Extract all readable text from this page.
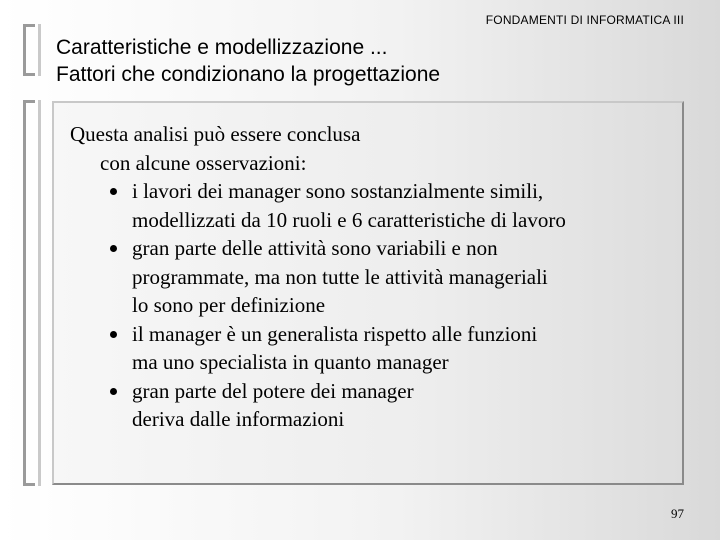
FONDAMENTI DI INFORMATICA III
Caratteristiche e modellizzazione ...
Fattori che condizionano la progettazione
Questa analisi può essere conclusa
con alcune osservazioni:
i lavori dei manager sono sostanzialmente simili,
modellizzati da 10 ruoli e 6 caratteristiche di lavoro
gran parte delle attività sono variabili e non
programmate, ma non tutte le attività manageriali
lo sono per definizione
il manager è un generalista rispetto alle funzioni
ma uno specialista in quanto manager
gran parte del potere dei manager
deriva dalle informazioni
97
